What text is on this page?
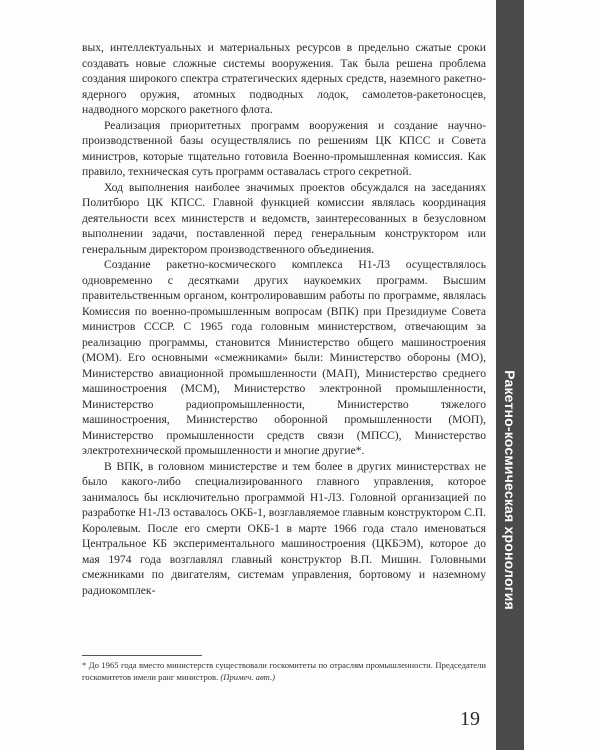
вых, интеллектуальных и материальных ресурсов в предельно сжатые сроки создавать новые сложные системы вооружения. Так была решена проблема создания широкого спектра стратегических ядерных средств, наземного ракетно-ядерного оружия, атомных подводных лодок, самолетов-ракетоносцев, надводного морского ракетного флота.

Реализация приоритетных программ вооружения и создание научно-производственной базы осуществлялись по решениям ЦК КПСС и Совета министров, которые тщательно готовила Военно-промышленная комиссия. Как правило, техническая суть программ оставалась строго секретной.

Ход выполнения наиболее значимых проектов обсуждался на заседаниях Политбюро ЦК КПСС. Главной функцией комиссии являлась координация деятельности всех министерств и ведомств, заинтересованных в безусловном выполнении задачи, поставленной перед генеральным конструктором или генеральным директором производственного объединения.

Создание ракетно-космического комплекса Н1-Л3 осуществлялось одновременно с десятками других наукоемких программ. Высшим правительственным органом, контролировавшим работы по программе, являлась Комиссия по военно-промышленным вопросам (ВПК) при Президиуме Совета министров СССР. С 1965 года головным министерством, отвечающим за реализацию программы, становится Министерство общего машиностроения (МОМ). Его основными «смежниками» были: Министерство обороны (МО), Министерство авиационной промышленности (МАП), Министерство среднего машиностроения (МСМ), Министерство электронной промышленности, Министерство радиопромышленности, Министерство тяжелого машиностроения, Министерство оборонной промышленности (МОП), Министерство промышленности средств связи (МПСС), Министерство электротехнической промышленности и многие другие*.

В ВПК, в головном министерстве и тем более в других министерствах не было какого-либо специализированного главного управления, которое занималось бы исключительно программой Н1-Л3. Головной организацией по разработке Н1-Л3 оставалось ОКБ-1, возглавляемое главным конструктором С.П. Королевым. После его смерти ОКБ-1 в марте 1966 года стало именоваться Центральное КБ экспериментального машиностроения (ЦКБЭМ), которое до мая 1974 года возглавлял главный конструктор В.П. Мишин. Головными смежниками по двигателям, системам управления, бортовому и наземному радиокомплек-

* До 1965 года вместо министерств существовали госкомитеты по отраслям промышленности. Председатели госкомитетов имели ранг министров. (Примеч. авт.)
Ракетно-космическая хронология
19
